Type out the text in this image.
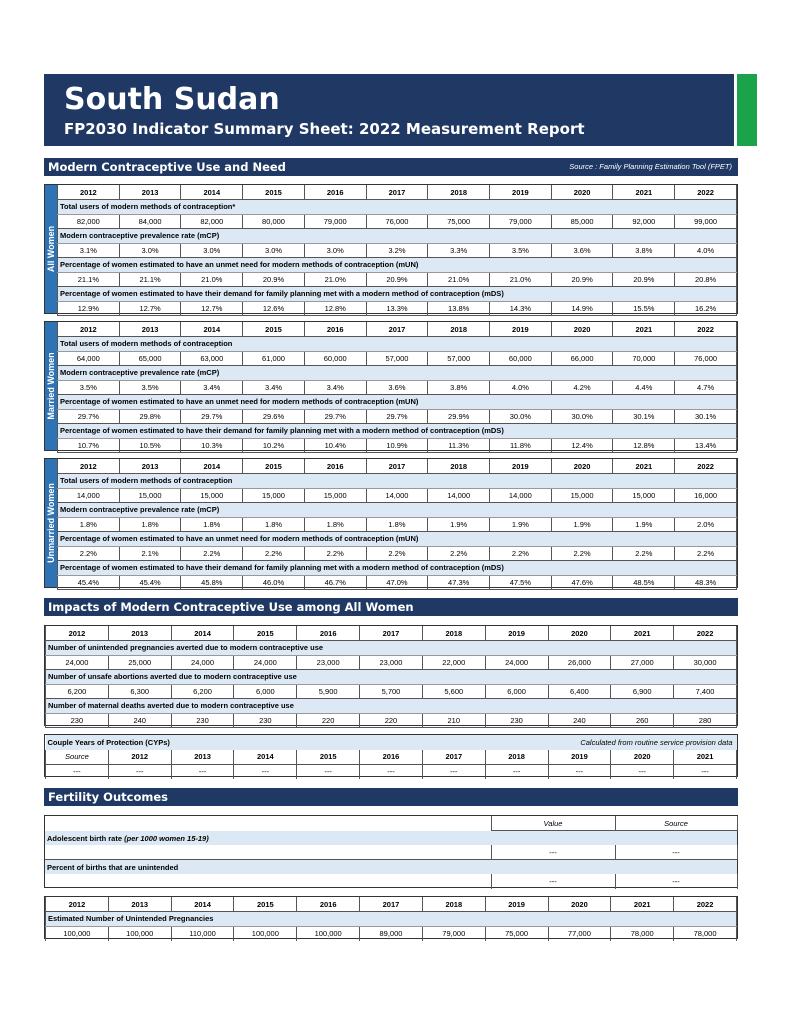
South Sudan
FP2030 Indicator Summary Sheet: 2022 Measurement Report
Modern Contraceptive Use and Need	Source : Family Planning Estimation Tool (FPET)
All Women
2012	2013	2014	2015	2016	2017	2018	2019	2020	2021	2022
Total users of modern methods of contraception*										
82,000	84,000	82,000	80,000	79,000	76,000	75,000	79,000	85,000	92,000	99,000
Modern contraceptive prevalence rate (mCP)										
3.1%	3.0%	3.0%	3.0%	3.0%	3.2%	3.3%	3.5%	3.6%	3.8%	4.0%
Percentage of women estimated to have an unmet need for modern methods of contraception (mUN)										
21.1%	21.1%	21.0%	20.9%	21.0%	20.9%	21.0%	21.0%	20.9%	20.9%	20.8%
Percentage of women estimated to have their demand for family planning met with a modern method of contraception (mDS)										
12.9%	12.7%	12.7%	12.6%	12.8%	13.3%	13.8%	14.3%	14.9%	15.5%	16.2%
Married Women
2012	2013	2014	2015	2016	2017	2018	2019	2020	2021	2022
Total users of modern methods of contraception										
64,000	65,000	63,000	61,000	60,000	57,000	57,000	60,000	66,000	70,000	76,000
Modern contraceptive prevalence rate (mCP)										
3.5%	3.5%	3.4%	3.4%	3.4%	3.6%	3.8%	4.0%	4.2%	4.4%	4.7%
Percentage of women estimated to have an unmet need for modern methods of contraception (mUN)										
29.7%	29.8%	29.7%	29.6%	29.7%	29.7%	29.9%	30.0%	30.0%	30.1%	30.1%
Percentage of women estimated to have their demand for family planning met with a modern method of contraception (mDS)										
10.7%	10.5%	10.3%	10.2%	10.4%	10.9%	11.3%	11.8%	12.4%	12.8%	13.4%
Unmarried Women
2012	2013	2014	2015	2016	2017	2018	2019	2020	2021	2022
Total users of modern methods of contraception										
14,000	15,000	15,000	15,000	15,000	14,000	14,000	14,000	15,000	15,000	16,000
Modern contraceptive prevalence rate (mCP)										
1.8%	1.8%	1.8%	1.8%	1.8%	1.8%	1.9%	1.9%	1.9%	1.9%	2.0%
Percentage of women estimated to have an unmet need for modern methods of contraception (mUN)										
2.2%	2.1%	2.2%	2.2%	2.2%	2.2%	2.2%	2.2%	2.2%	2.2%	2.2%
Percentage of women estimated to have their demand for family planning met with a modern method of contraception (mDS)										
45.4%	45.4%	45.8%	46.0%	46.7%	47.0%	47.3%	47.5%	47.6%	48.5%	48.3%
Impacts of Modern Contraceptive Use among All Women
2012	2013	2014	2015	2016	2017	2018	2019	2020	2021	2022
Number of unintended pregnancies averted due to modern contraceptive use										
24,000	25,000	24,000	24,000	23,000	23,000	22,000	24,000	26,000	27,000	30,000
Number of unsafe abortions averted due to modern contraceptive use										
6,200	6,300	6,200	6,000	5,900	5,700	5,600	6,000	6,400	6,900	7,400
Number of maternal deaths averted due to modern contraceptive use										
230	240	230	230	220	220	210	230	240	260	280
Couple Years of Protection (CYPs)						Calculated from routine service provision data				
Source	2012	2013	2014	2015	2016	2017	2018	2019	2020	2021
---	---	---	---	---	---	---	---	---	---	---
Fertility Outcomes
	Value	Source
Adolescent birth rate (per 1000 women 15-19)		
	---	---
Percent of births that are unintended		
	---	---
2012	2013	2014	2015	2016	2017	2018	2019	2020	2021	2022
Estimated Number of Unintended Pregnancies										
100,000	100,000	110,000	100,000	100,000	89,000	79,000	75,000	77,000	78,000	78,000
